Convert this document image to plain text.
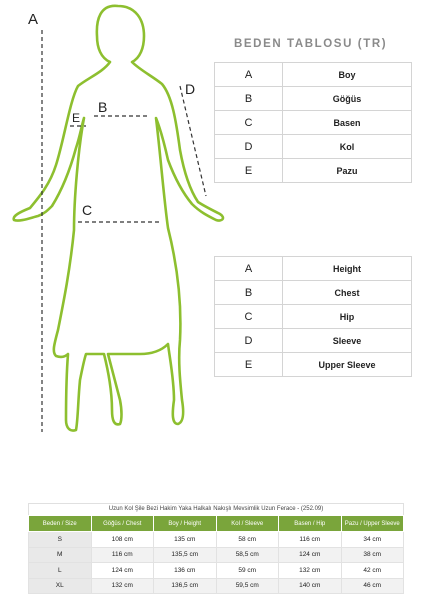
A
B
C
D
E
BEDEN TABLOSU (TR)
A	Boy
B	Göğüs
C	Basen
D	Kol
E	Pazu
A	Height
B	Chest
C	Hip
D	Sleeve
E	Upper Sleeve
Uzun Kol Şile Bezi Hakim Yaka Halkalı Nakışlı Mevsimlik Uzun Ferace - (252.09)
Beden / Size	Göğüs / Chest	Boy / Height	Kol / Sleeve	Basen / Hip	Pazu / Upper Sleeve
S	108 cm	135 cm	58 cm	116 cm	34 cm
M	116 cm	135,5 cm	58,5 cm	124 cm	38 cm
L	124 cm	136 cm	59 cm	132 cm	42 cm
XL	132 cm	136,5 cm	59,5 cm	140 cm	46 cm
